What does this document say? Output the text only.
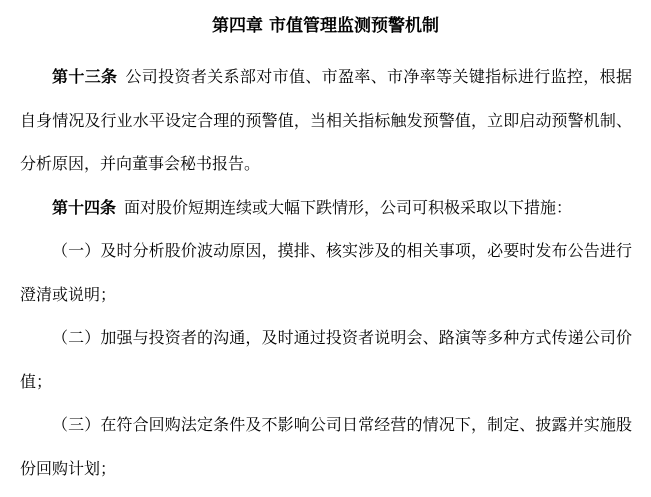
第四章 市值管理监测预警机制

第十三条 公司投资者关系部对市值、市盈率、市净率等关键指标进行监控，根据自身情况及行业水平设定合理的预警值，当相关指标触发预警值，立即启动预警机制、分析原因，并向董事会秘书报告。

第十四条 面对股价短期连续或大幅下跌情形，公司可积极采取以下措施：

（一）及时分析股价波动原因，摸排、核实涉及的相关事项，必要时发布公告进行澄清或说明；

（二）加强与投资者的沟通，及时通过投资者说明会、路演等多种方式传递公司价值；

（三）在符合回购法定条件及不影响公司日常经营的情况下，制定、披露并实施股份回购计划；
